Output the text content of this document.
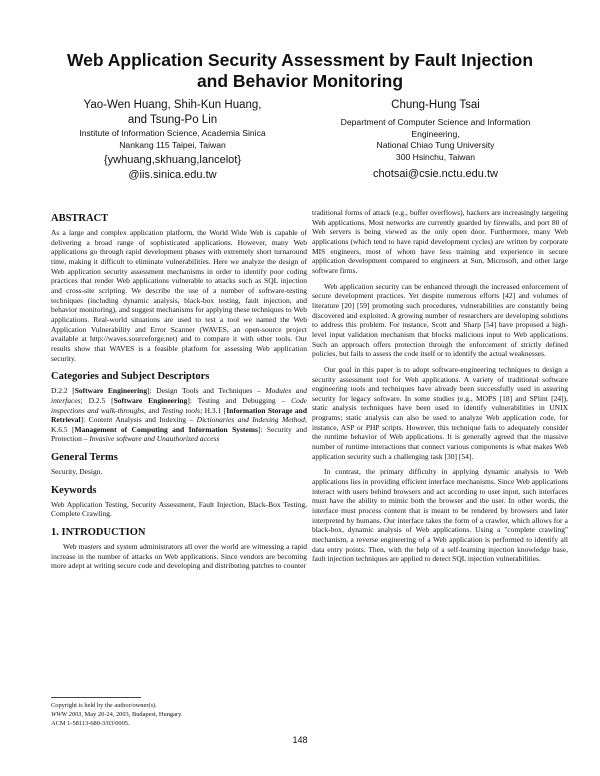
Web Application Security Assessment by Fault Injection
and Behavior Monitoring
Yao-Wen Huang, Shih-Kun Huang,
and Tsung-Po Lin
Institute of Information Science, Academia Sinica
Nankang 115 Taipei, Taiwan
{ywhuang,skhuang,lancelot}
@iis.sinica.edu.tw
Chung-Hung Tsai
Department of Computer Science and Information
Engineering,
National Chiao Tung University
300 Hsinchu, Taiwan
chotsai@csie.nctu.edu.tw
ABSTRACT

As a large and complex application platform, the World Wide Web is capable of delivering a broad range of sophisticated applications. However, many Web applications go through rapid development phases with extremely short turnaround time, making it difficult to eliminate vulnerabilities. Here we analyze the design of Web application security assessment mechanisms in order to identify poor coding practices that render Web applications vulnerable to attacks such as SQL injection and cross-site scripting. We describe the use of a number of software-testing techniques (including dynamic analysis, black-box testing, fault injection, and behavior monitoring), and suggest mechanisms for applying these techniques to Web applications. Real-world situations are used to test a tool we named the Web Application Vulnerability and Error Scanner (WAVES, an open-source project available at http://waves.sourceforge.net) and to compare it with other tools. Our results show that WAVES is a feasible platform for assessing Web application security.

Categories and Subject Descriptors

D.2.2 [Software Engineering]: Design Tools and Techniques – Modules and interfaces; D.2.5 [Software Engineering]: Testing and Debugging – Code inspections and walk-throughs, and Testing tools; H.3.1 [Information Storage and Retrieval]: Content Analysis and Indexing – Dictionaries and Indexing Method; K.6.5 [Management of Computing and Information Systems]: Security and Protection – Invasive software and Unauthorized access

General Terms

Security, Design.

Keywords

Web Application Testing, Security Assessment, Fault Injection, Black-Box Testing, Complete Crawling.

1. INTRODUCTION

Web masters and system administrators all over the world are witnessing a rapid increase in the number of attacks on Web applications. Since vendors are becoming more adept at writing secure code and developing and distributing patches to counter

Copyright is held by the author/owner(s).
WWW 2003, May 20-24, 2003, Budapest, Hungary.
ACM 1-58113-680-3/03/0005.

traditional forms of attack (e.g., buffer overflows), hackers are increasingly targeting Web applications. Most networks are currently guarded by firewalls, and port 80 of Web servers is being viewed as the only open door. Furthermore, many Web applications (which tend to have rapid development cycles) are written by corporate MIS engineers, most of whom have less training and experience in secure application development compared to engineers at Sun, Microsoft, and other large software firms.

Web application security can be enhanced through the increased enforcement of secure development practices. Yet despite numerous efforts [42] and volumes of literature [20] [59] promoting such procedures, vulnerabilities are constantly being discovered and exploited. A growing number of researchers are developing solutions to address this problem. For instance, Scott and Sharp [54] have proposed a high-level input validation mechanism that blocks malicious input to Web applications. Such an approach offers protection through the enforcement of strictly defined policies, but fails to assess the code itself or to identify the actual weaknesses.

Our goal in this paper is to adopt software-engineering techniques to design a security assessment tool for Web applications. A variety of traditional software engineering tools and techniques have already been successfully used in assuring security for legacy software. In some studies (e.g., MOPS [18] and SPlint [24]), static analysis techniques have been used to identify vulnerabilities in UNIX programs; static analysis can also be used to analyze Web application code, for instance, ASP or PHP scripts. However, this technique fails to adequately consider the runtime behavior of Web applications. It is generally agreed that the massive number of runtime interactions that connect various components is what makes Web application security such a challenging task [30] [54].

In contrast, the primary difficulty in applying dynamic analysis to Web applications lies in providing efficient interface mechanisms. Since Web applications interact with users behind browsers and act according to user input, such interfaces must have the ability to mimic both the browser and the user. In other words, the interface must process content that is meant to be rendered by browsers and later interpreted by humans. Our interface takes the form of a crawler, which allows for a black-box, dynamic analysis of Web applications. Using a "complete crawling" mechanism, a reverse engineering of a Web application is performed to identify all data entry points. Then, with the help of a self-learning injection knowledge base, fault injection techniques are applied to detect SQL injection vulnerabilities.

148
